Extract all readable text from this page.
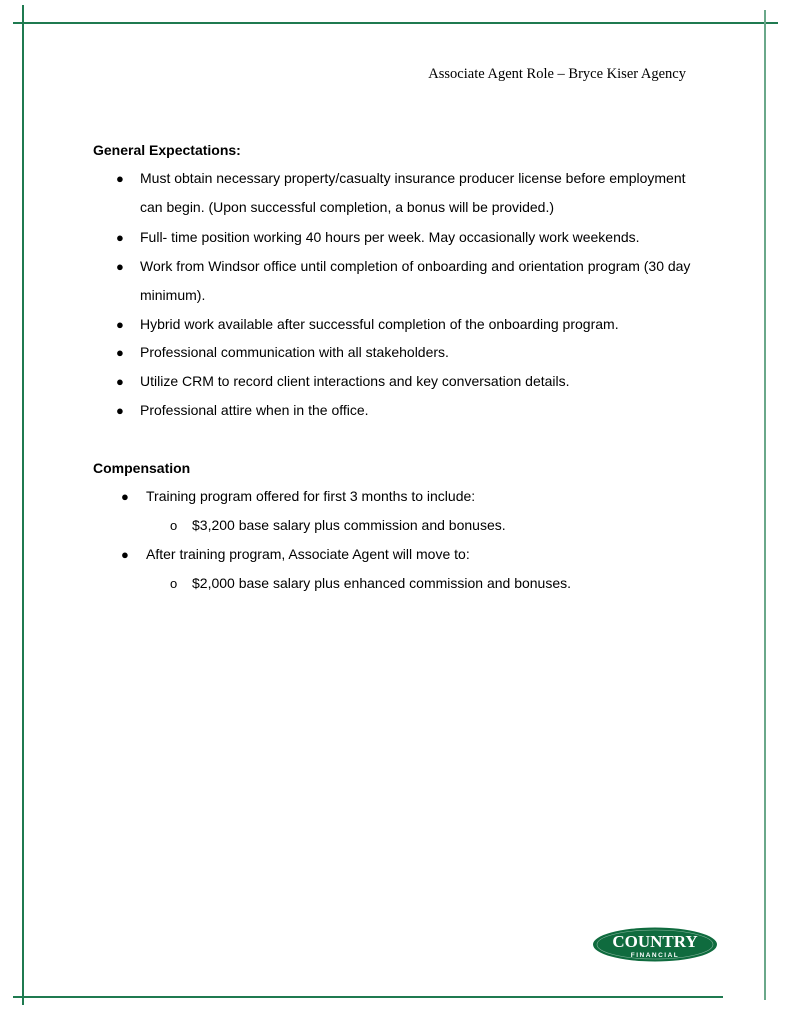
Associate Agent Role – Bryce Kiser Agency
General Expectations:
● Must obtain necessary property/casualty insurance producer license before employment can begin. (Upon successful completion, a bonus will be provided.)
● Full- time position working 40 hours per week. May occasionally work weekends.
● Work from Windsor office until completion of onboarding and orientation program (30 day minimum).
● Hybrid work available after successful completion of the onboarding program.
● Professional communication with all stakeholders.
● Utilize CRM to record client interactions and key conversation details.
● Professional attire when in the office.
Compensation
● Training program offered for first 3 months to include:
o $3,200 base salary plus commission and bonuses.
● After training program, Associate Agent will move to:
o $2,000 base salary plus enhanced commission and bonuses.
COUNTRY
FINANCIAL
